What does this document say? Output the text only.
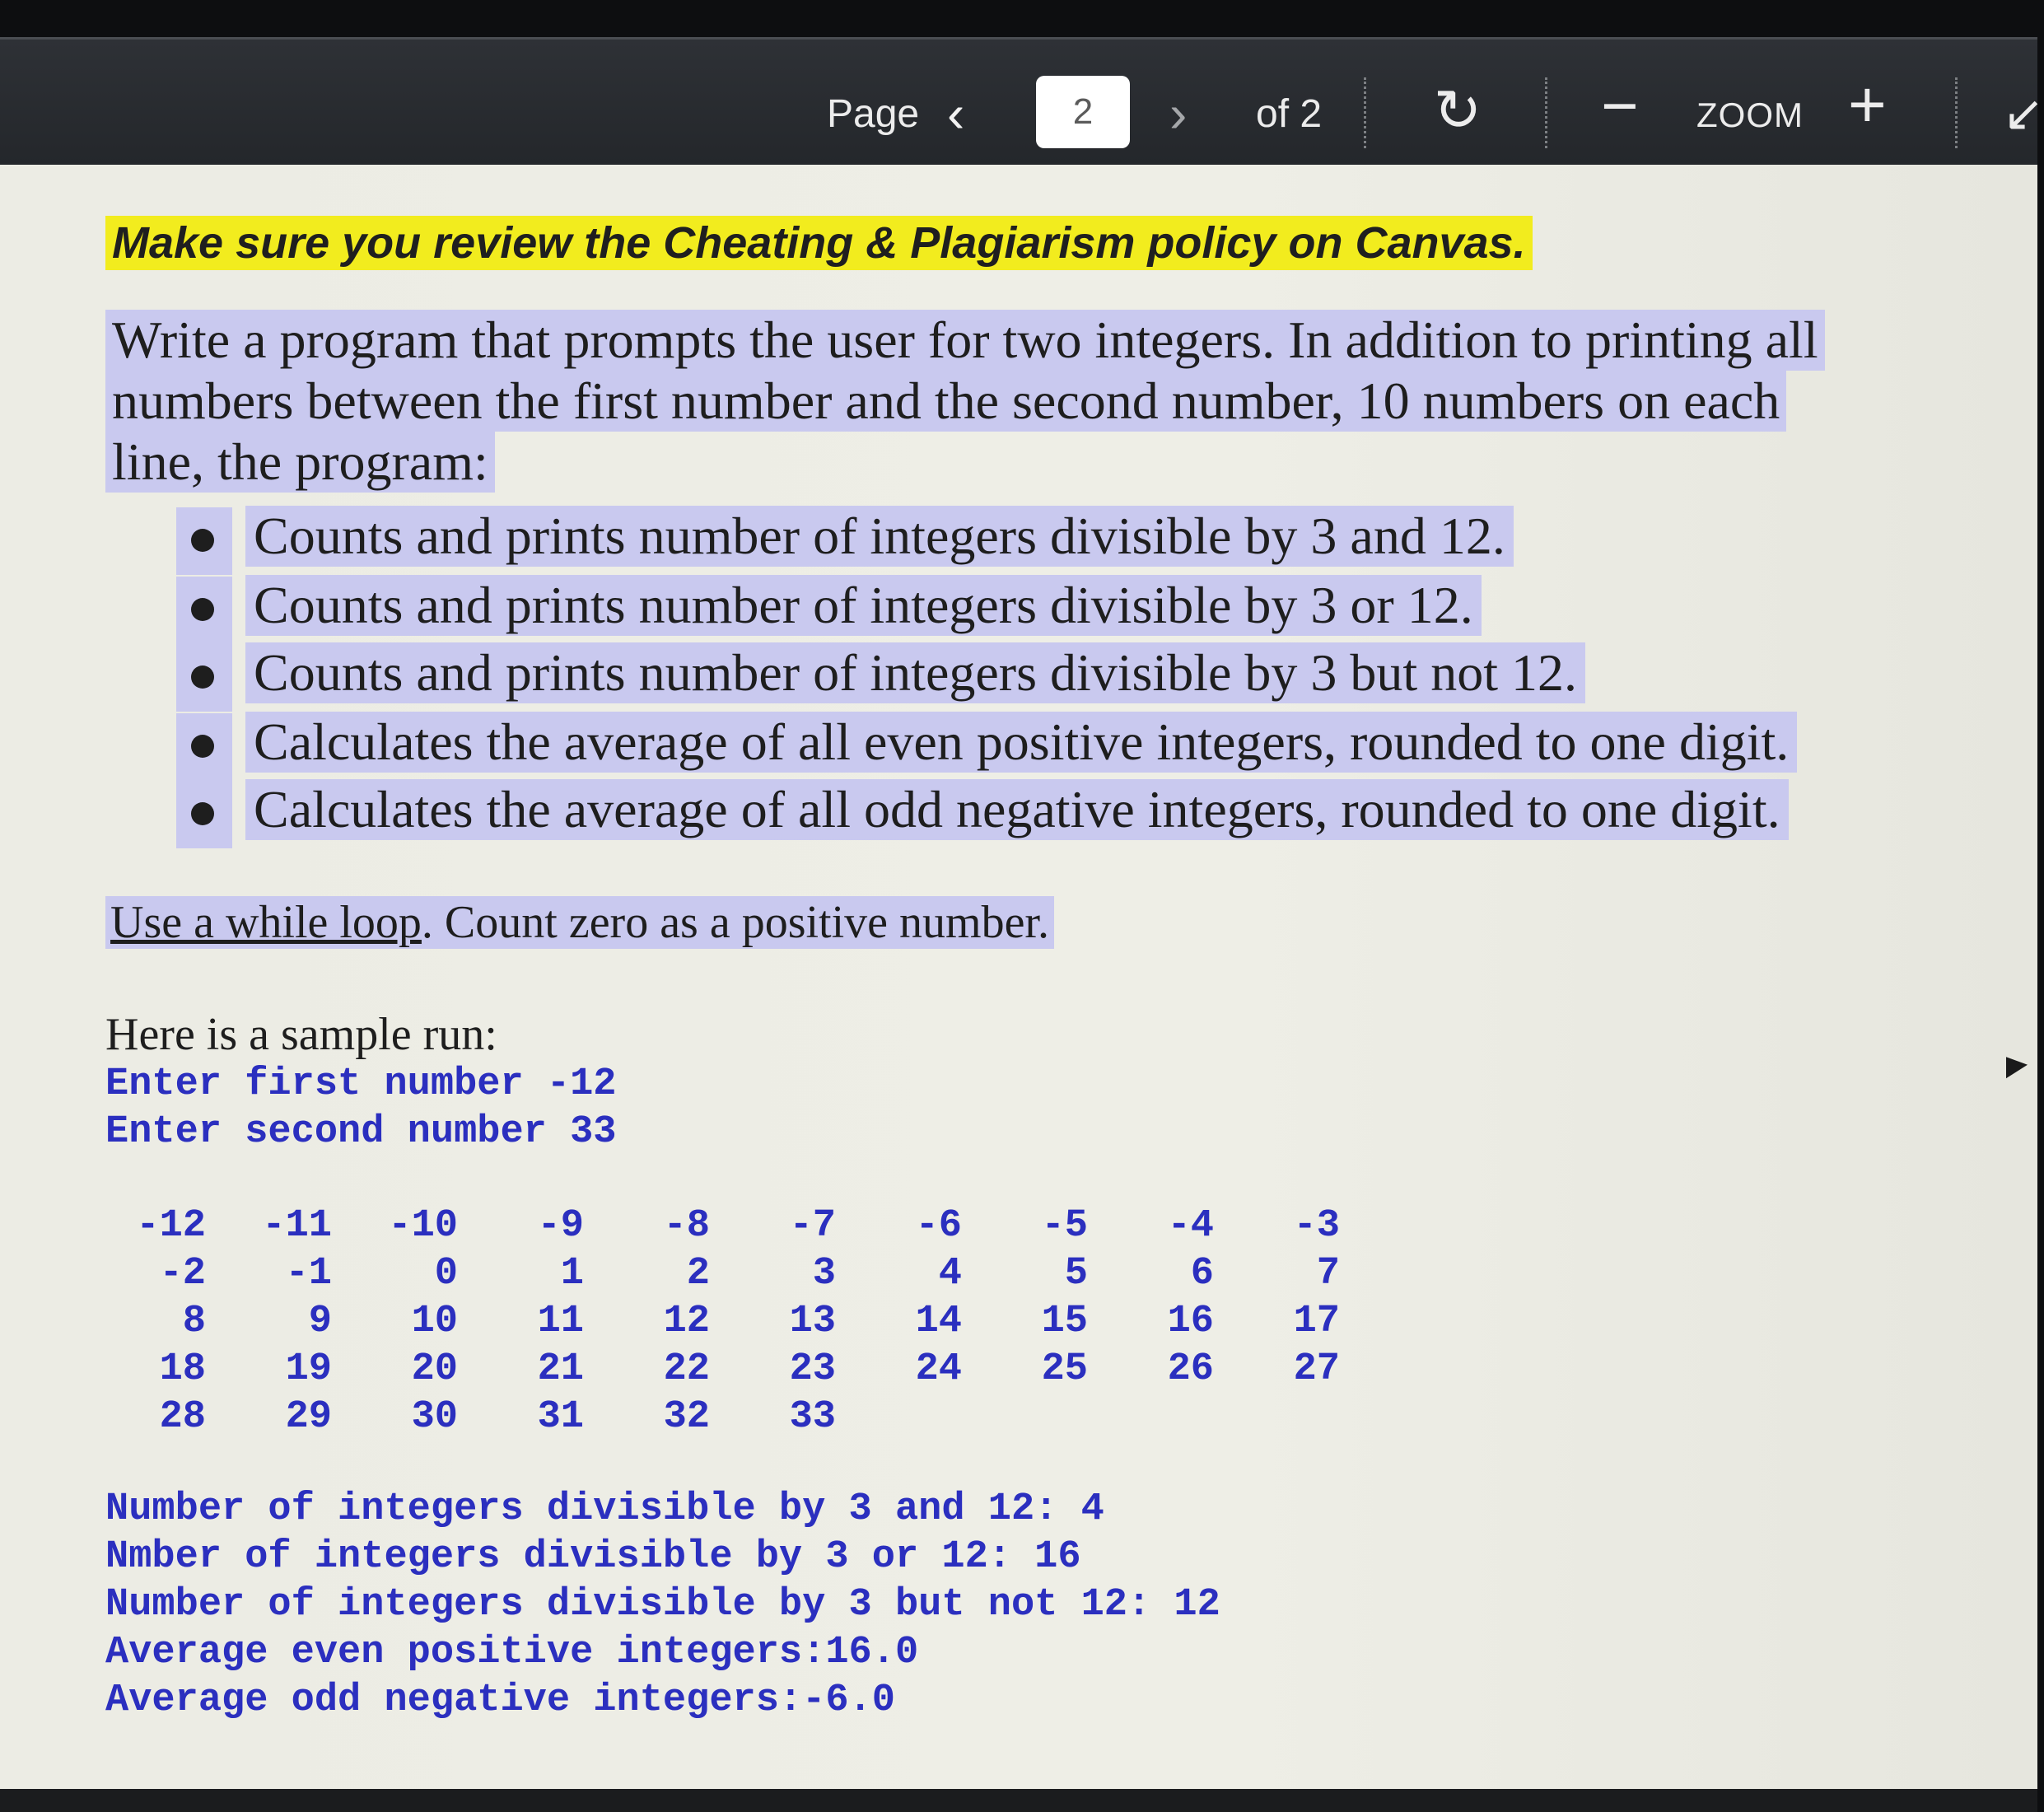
Page ‹
2	› of 2 ↻ − ZOOM + ↙
Make sure you review the Cheating & Plagiarism policy on Canvas.
Write a program that prompts the user for two integers. In addition to printing all
numbers between the first number and the second number, 10 numbers on each
line, the program:
Counts and prints number of integers divisible by 3 and 12.
Counts and prints number of integers divisible by 3 or 12.
Counts and prints number of integers divisible by 3 but not 12.
Calculates the average of all even positive integers, rounded to one digit.
Calculates the average of all odd negative integers, rounded to one digit.
Use a while loop. Count zero as a positive number.
Here is a sample run:
Enter first number -12
Enter second number 33
-12	-11	-10	-9	-8	-7	-6	-5	-4	-3
-2	-1	0	1	2	3	4	5	6	7
8	9	10	11	12	13	14	15	16	17
18	19	20	21	22	23	24	25	26	27
28	29	30	31	32	33
Number of integers divisible by 3 and 12: 4
Nmber of integers divisible by 3 or 12: 16
Number of integers divisible by 3 but not 12: 12
Average even positive integers:16.0
Average odd negative integers:-6.0
